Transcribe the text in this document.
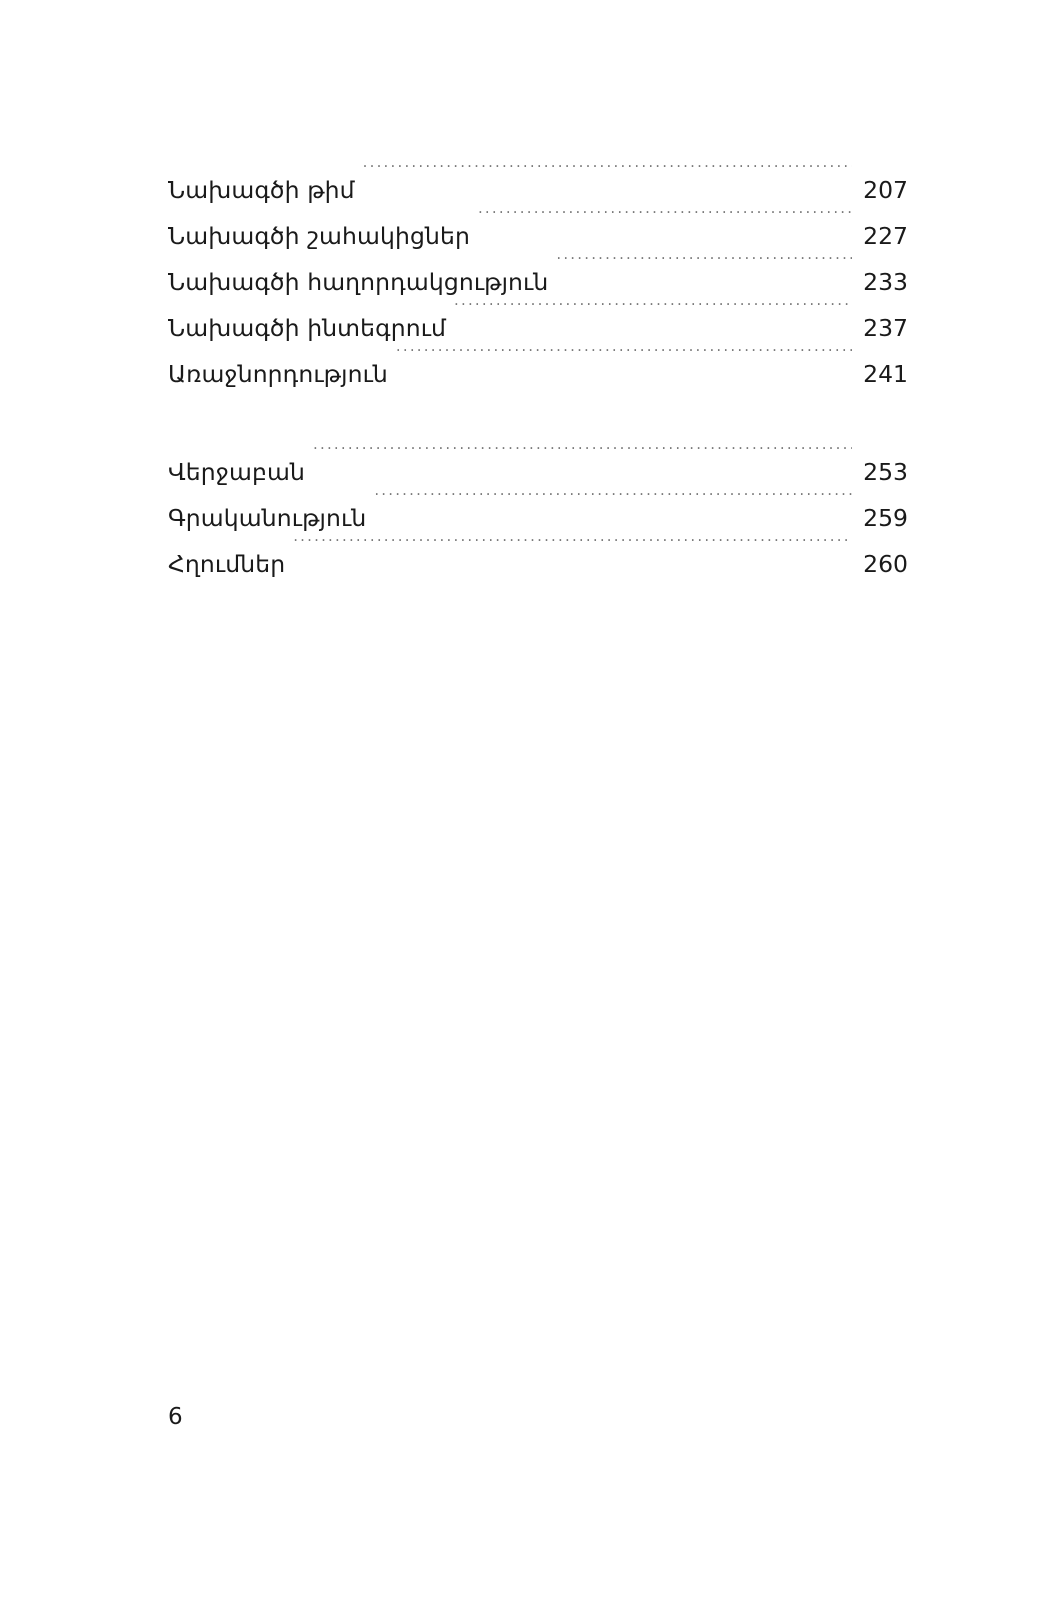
Նախագծի թիմ .....	207
Նախագծի շահակիցներ .....	227
Նախագծի հաղորդակցություն .....	233
Նախագծի ինտեգրում .....	237
Առաջնորդություն .....	241
Վերջաբան .....	253
Գրականություն .....	259
Հղումներ .....	260
6
